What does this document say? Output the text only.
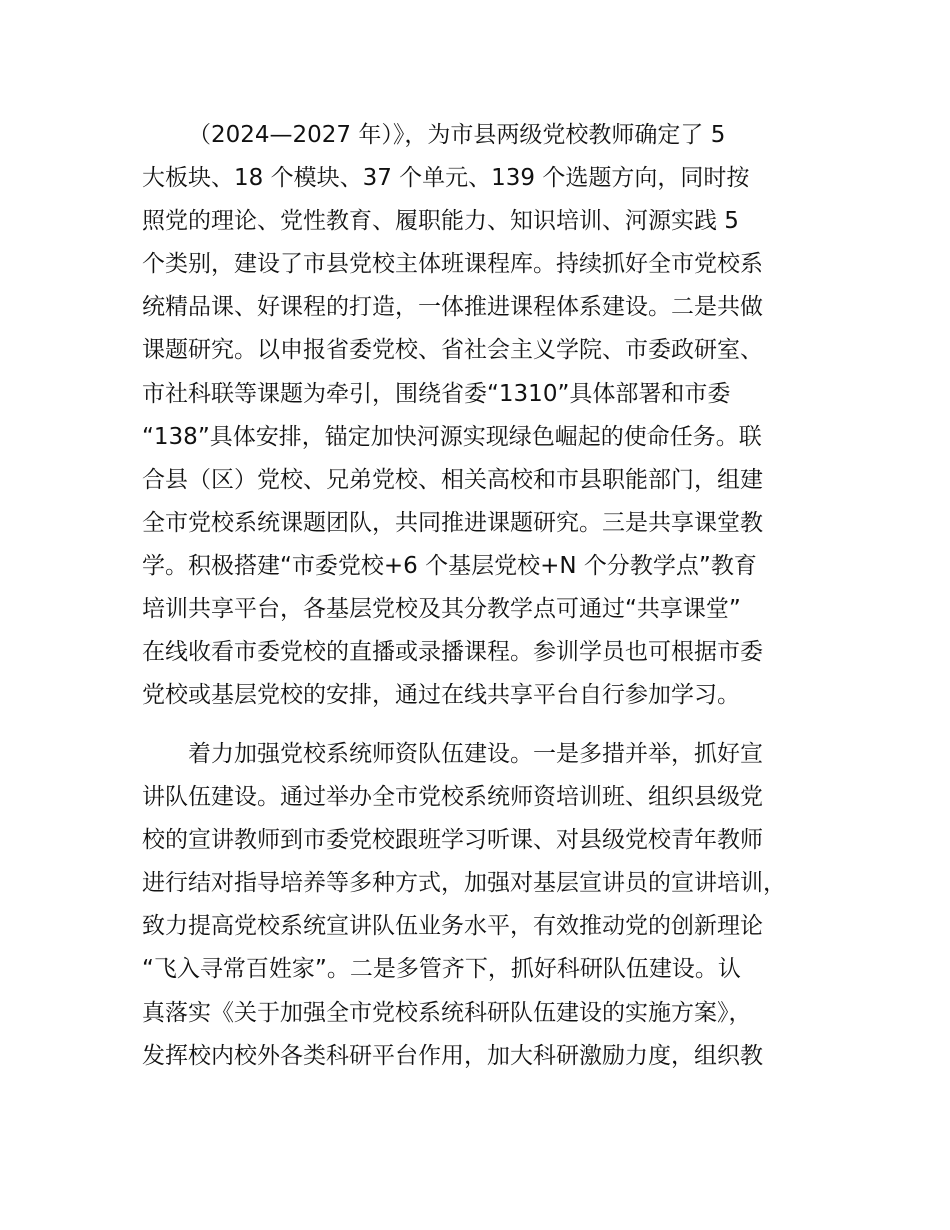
（2024—2027 年）》，为市县两级党校教师确定了 5
大板块、18 个模块、37 个单元、139 个选题方向，同时按
照党的理论、党性教育、履职能力、知识培训、河源实践 5
个类别，建设了市县党校主体班课程库。持续抓好全市党校系
统精品课、好课程的打造，一体推进课程体系建设。二是共做
课题研究。以申报省委党校、省社会主义学院、市委政研室、
市社科联等课题为牵引，围绕省委“1310”具体部署和市委
“138”具体安排，锚定加快河源实现绿色崛起的使命任务。联
合县（区）党校、兄弟党校、相关高校和市县职能部门，组建
全市党校系统课题团队，共同推进课题研究。三是共享课堂教
学。积极搭建“市委党校+6 个基层党校+N 个分教学点”教育
培训共享平台，各基层党校及其分教学点可通过“共享课堂”
在线收看市委党校的直播或录播课程。参训学员也可根据市委
党校或基层党校的安排，通过在线共享平台自行参加学习。
着力加强党校系统师资队伍建设。一是多措并举，抓好宣
讲队伍建设。通过举办全市党校系统师资培训班、组织县级党
校的宣讲教师到市委党校跟班学习听课、对县级党校青年教师
进行结对指导培养等多种方式，加强对基层宣讲员的宣讲培训，
致力提高党校系统宣讲队伍业务水平，有效推动党的创新理论
“飞入寻常百姓家”。二是多管齐下，抓好科研队伍建设。认
真落实《关于加强全市党校系统科研队伍建设的实施方案》，
发挥校内校外各类科研平台作用，加大科研激励力度，组织教
